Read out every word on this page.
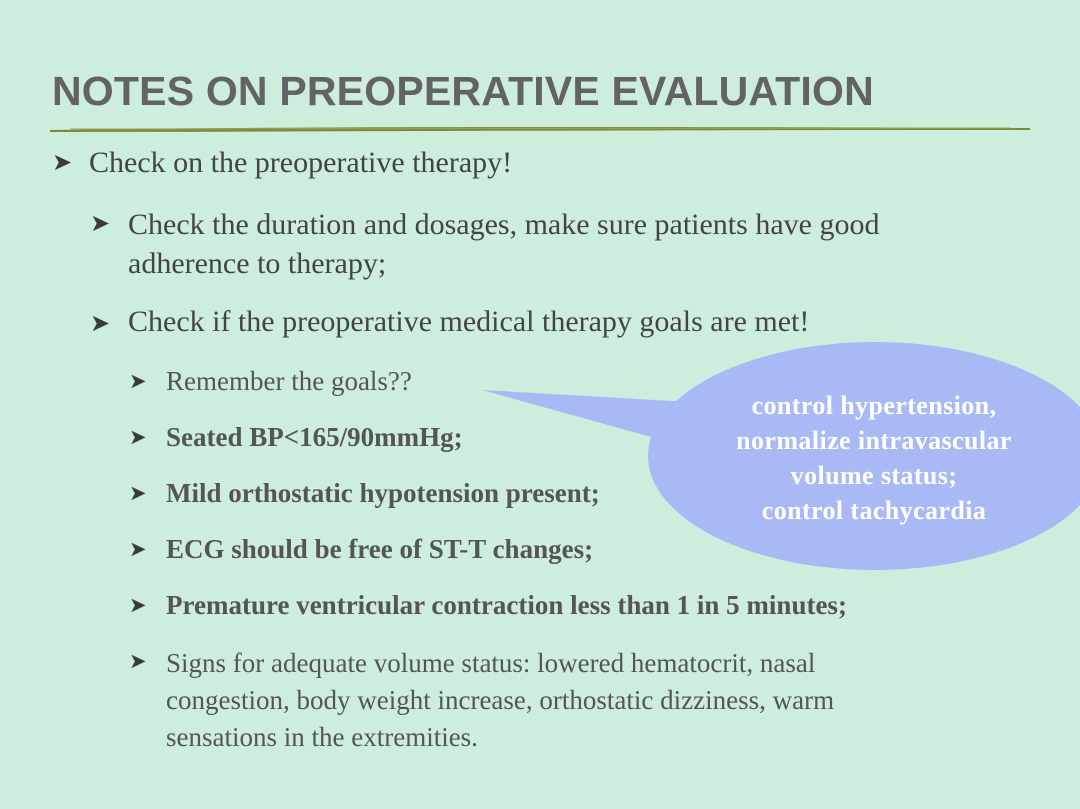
NOTES ON PREOPERATIVE EVALUATION
➤ Check on the preoperative therapy!
➤ Check the duration and dosages, make sure patients have good
adherence to therapy;
➤ Check if the preoperative medical therapy goals are met!
➤ Remember the goals??
➤ Seated BP<165/90mmHg;
➤ Mild orthostatic hypotension present;
➤ ECG should be free of ST-T changes;
➤ Premature ventricular contraction less than 1 in 5 minutes;
➤ Signs for adequate volume status: lowered hematocrit, nasal
congestion, body weight increase, orthostatic dizziness, warm
sensations in the extremities.
control hypertension,
normalize intravascular
volume status;
control tachycardia
